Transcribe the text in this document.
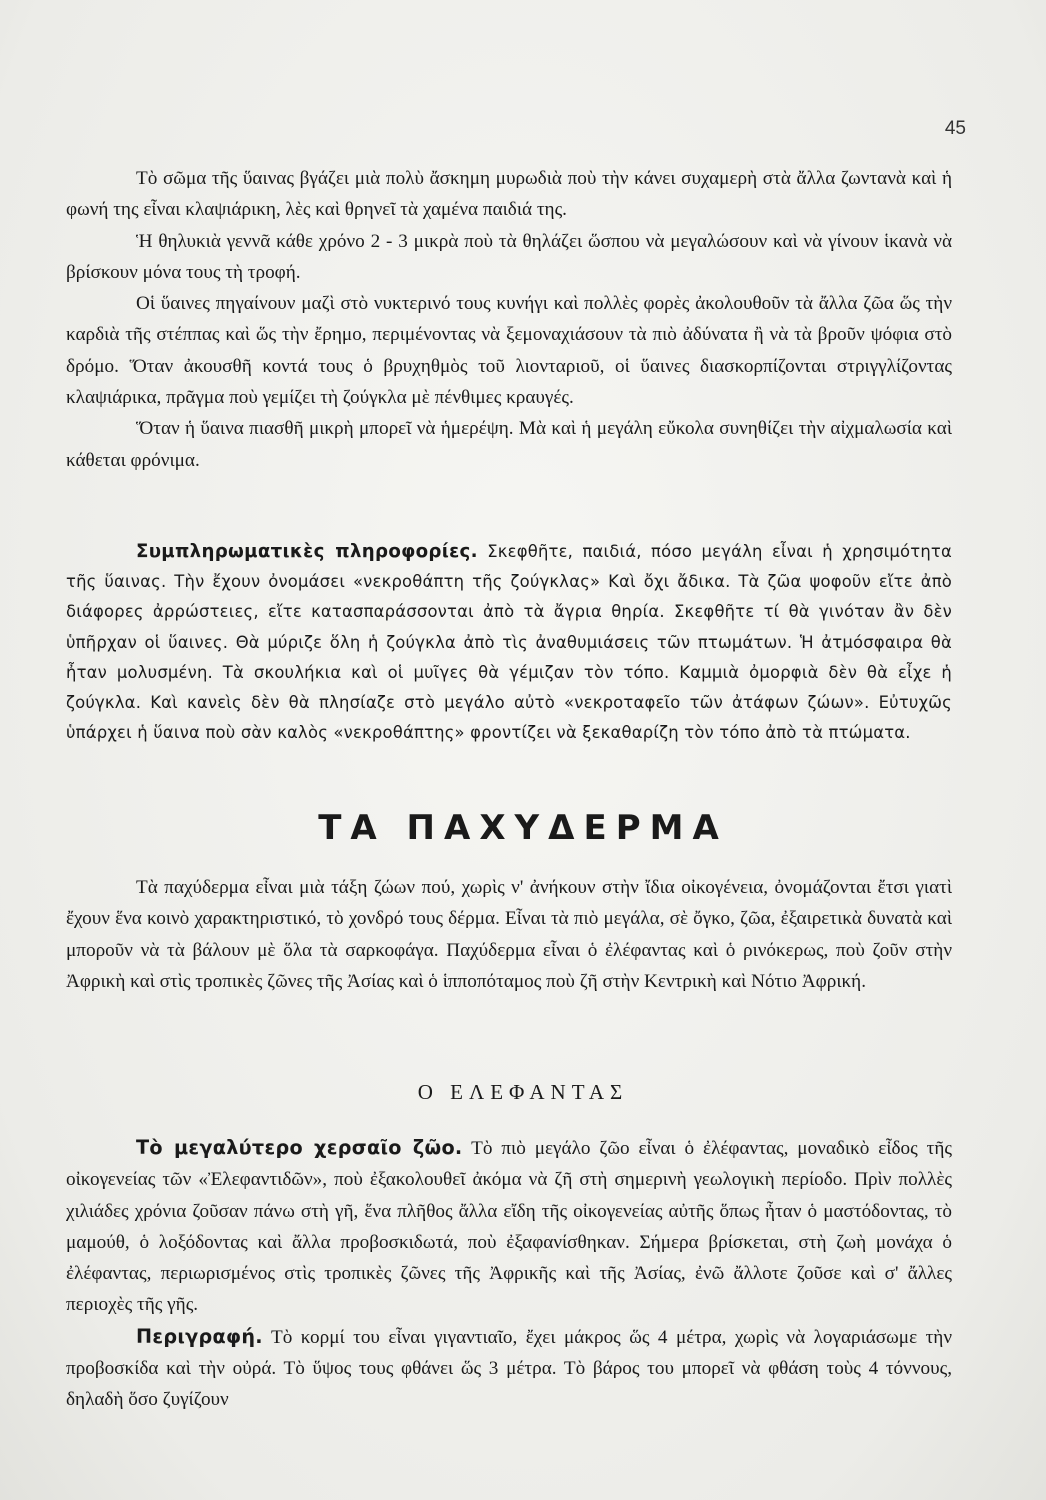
45

Τὸ σῶμα τῆς ὕαινας βγάζει μιὰ πολὺ ἄσκημη μυρωδιὰ ποὺ τὴν κάνει συχαμερὴ στὰ ἄλλα ζωντανὰ καὶ ἡ φωνή της εἶναι κλαψιάρικη, λὲς καὶ θρηνεῖ τὰ χαμένα παιδιά της.

Ἡ θηλυκιὰ γεννᾶ κάθε χρόνο 2 - 3 μικρὰ ποὺ τὰ θηλάζει ὥσπου νὰ μεγαλώσουν καὶ νὰ γίνουν ἱκανὰ νὰ βρίσκουν μόνα τους τὴ τροφή.

Οἱ ὕαινες πηγαίνουν μαζὶ στὸ νυκτερινό τους κυνήγι καὶ πολλὲς φορὲς ἀκολουθοῦν τὰ ἄλλα ζῶα ὥς τὴν καρδιὰ τῆς στέππας καὶ ὥς τὴν ἔρημο, περιμένοντας νὰ ξεμοναχιάσουν τὰ πιὸ ἀδύνατα ἢ νὰ τὰ βροῦν ψόφια στὸ δρόμο. Ὅταν ἀκουσθῆ κοντά τους ὁ βρυχηθμὸς τοῦ λιονταριοῦ, οἱ ὕαινες διασκορπίζονται στριγγλίζοντας κλαψιάρικα, πρᾶγμα ποὺ γεμίζει τὴ ζούγκλα μὲ πένθιμες κραυγές.

Ὅταν ἡ ὕαινα πιασθῆ μικρὴ μπορεῖ νὰ ἡμερέψη. Μὰ καὶ ἡ μεγάλη εὔκολα συνηθίζει τὴν αἰχμαλωσία καὶ κάθεται φρόνιμα.

Συμπληρωματικὲς πληροφορίες. Σκεφθῆτε, παιδιά, πόσο μεγάλη εἶναι ἡ χρησιμότητα τῆς ὕαινας. Τὴν ἔχουν ὀνομάσει «νεκροθάπτη τῆς ζούγκλας» Καὶ ὄχι ἄδικα. Τὰ ζῶα ψοφοῦν εἴτε ἀπὸ διάφορες ἀρρώστειες, εἴτε κατασπαράσσονται ἀπὸ τὰ ἄγρια θηρία. Σκεφθῆτε τί θὰ γινόταν ἂν δὲν ὑπῆρχαν οἱ ὕαινες. Θὰ μύριζε ὅλη ἡ ζούγκλα ἀπὸ τὶς ἀναθυμιάσεις τῶν πτωμάτων. Ἡ ἀτμόσφαιρα θὰ ἦταν μολυσμένη. Τὰ σκουλήκια καὶ οἱ μυῖγες θὰ γέμιζαν τὸν τόπο. Καμμιὰ ὀμορφιὰ δὲν θὰ εἶχε ἡ ζούγκλα. Καὶ κανεὶς δὲν θὰ πλησίαζε στὸ μεγάλο αὐτὸ «νεκροταφεῖο τῶν ἀτάφων ζώων». Εὐτυχῶς ὑπάρχει ἡ ὕαινα ποὺ σὰν καλὸς «νεκροθάπτης» φροντίζει νὰ ξεκαθαρίζη τὸν τόπο ἀπὸ τὰ πτώματα.

ΤΑ ΠΑΧΥΔΕΡΜΑ

Τὰ παχύδερμα εἶναι μιὰ τάξη ζώων πού, χωρὶς ν' ἀνήκουν στὴν ἴδια οἰκογένεια, ὀνομάζονται ἔτσι γιατὶ ἔχουν ἕνα κοινὸ χαρακτηριστικό, τὸ χονδρό τους δέρμα. Εἶναι τὰ πιὸ μεγάλα, σὲ ὄγκο, ζῶα, ἐξαιρετικὰ δυνατὰ καὶ μποροῦν νὰ τὰ βάλουν μὲ ὅλα τὰ σαρκοφάγα. Παχύδερμα εἶναι ὁ ἐλέφαντας καὶ ὁ ρινόκερως, ποὺ ζοῦν στὴν Ἀφρικὴ καὶ στὶς τροπικὲς ζῶνες τῆς Ἀσίας καὶ ὁ ἱπποπόταμος ποὺ ζῆ στὴν Κεντρικὴ καὶ Νότιο Ἀφρική.

Ο ΕΛΕΦΑΝΤΑΣ

Τὸ μεγαλύτερο χερσαῖο ζῶο. Τὸ πιὸ μεγάλο ζῶο εἶναι ὁ ἐλέφαντας, μοναδικὸ εἶδος τῆς οἰκογενείας τῶν «Ἐλεφαντιδῶν», ποὺ ἐξακολουθεῖ ἀκόμα νὰ ζῆ στὴ σημερινὴ γεωλογικὴ περίοδο. Πρὶν πολλὲς χιλιάδες χρόνια ζοῦσαν πάνω στὴ γῆ, ἕνα πλῆθος ἄλλα εἴδη τῆς οἰκογενείας αὐτῆς ὅπως ἦταν ὁ μαστόδοντας, τὸ μαμούθ, ὁ λοξόδοντας καὶ ἄλλα προβοσκιδωτά, ποὺ ἐξαφανίσθηκαν. Σήμερα βρίσκεται, στὴ ζωὴ μονάχα ὁ ἐλέφαντας, περιωρισμένος στὶς τροπικὲς ζῶνες τῆς Ἀφρικῆς καὶ τῆς Ἀσίας, ἐνῶ ἄλλοτε ζοῦσε καὶ σ' ἄλλες περιοχὲς τῆς γῆς.

Περιγραφή. Τὸ κορμί του εἶναι γιγαντιαῖο, ἔχει μάκρος ὥς 4 μέτρα, χωρὶς νὰ λογαριάσωμε τὴν προβοσκίδα καὶ τὴν οὐρά. Τὸ ὕψος τους φθάνει ὥς 3 μέτρα. Τὸ βάρος του μπορεῖ νὰ φθάση τοὺς 4 τόννους, δηλαδὴ ὅσο ζυγίζουν
